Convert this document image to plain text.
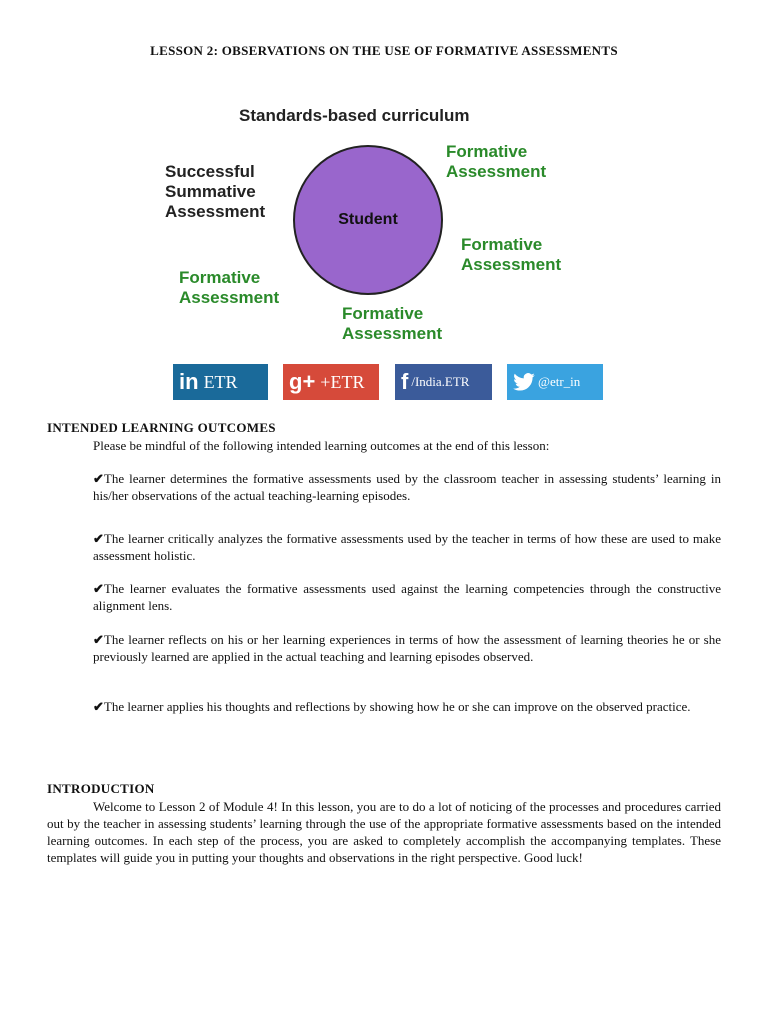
LESSON 2: OBSERVATIONS ON THE USE OF FORMATIVE ASSESSMENTS
Standards-based curriculum
Successful
Summative
Assessment
Formative
Assessment
Student
Formative
Assessment
Formative
Assessment
Formative
Assessment
in ETR g+ +ETR f /India.ETR	@etr_in
INTENDED LEARNING OUTCOMES
Please be mindful of the following intended learning outcomes at the end of this lesson:
✔The learner determines the formative assessments used by the classroom teacher in assessing students’ learning in his/her observations of the actual teaching-learning episodes.
✔The learner critically analyzes the formative assessments used by the teacher in terms of how these are used to make assessment holistic.
✔The learner evaluates the formative assessments used against the learning competencies through the constructive alignment lens.
✔The learner reflects on his or her learning experiences in terms of how the assessment of learning theories he or she previously learned are applied in the actual teaching and learning episodes observed.
✔The learner applies his thoughts and reflections by showing how he or she can improve on the observed practice.
INTRODUCTION
Welcome to Lesson 2 of Module 4! In this lesson, you are to do a lot of noticing of the processes and procedures carried out by the teacher in assessing students’ learning through the use of the appropriate formative assessments based on the intended learning outcomes. In each step of the process, you are asked to completely accomplish the accompanying templates. These templates will guide you in putting your thoughts and observations in the right perspective. Good luck!
